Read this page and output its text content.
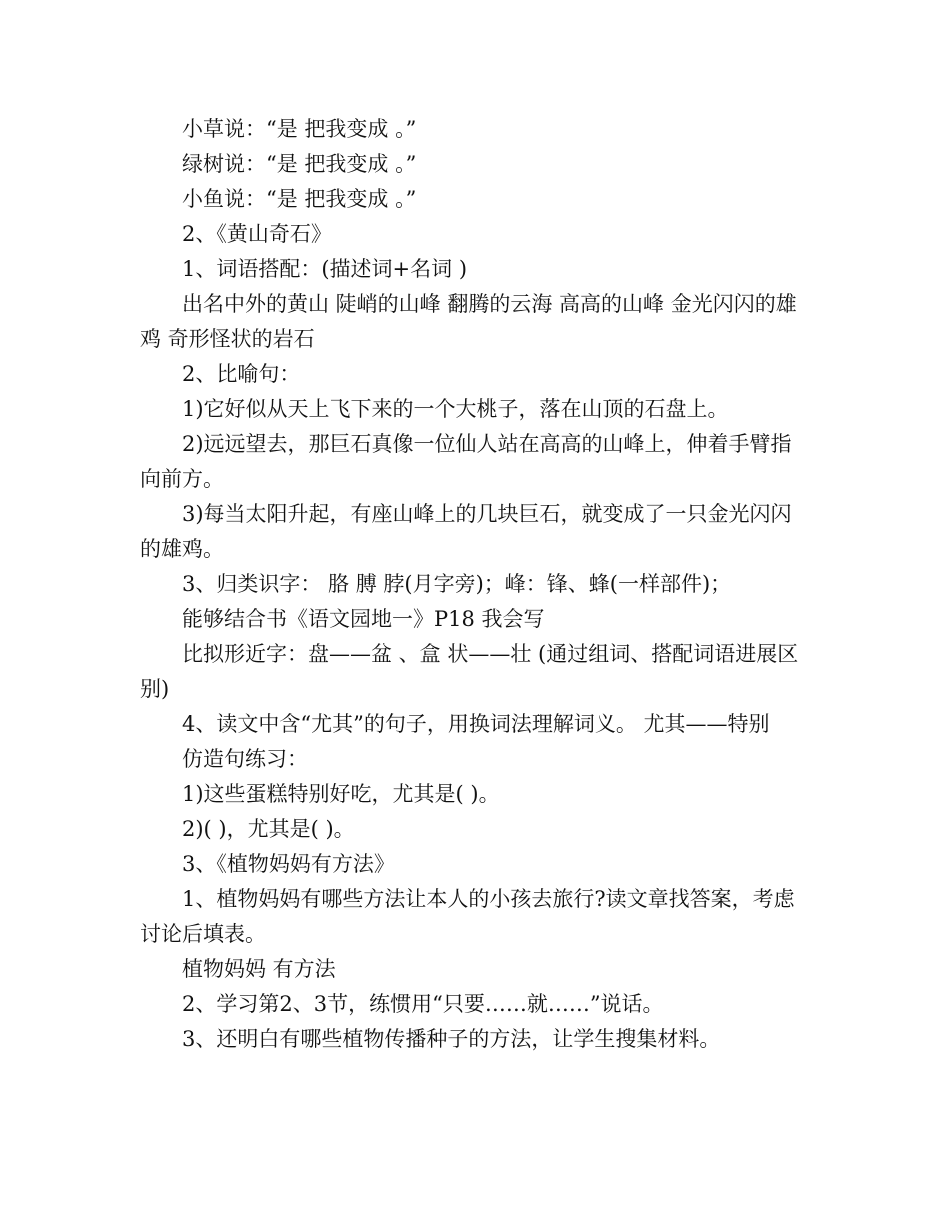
小草说：“是 把我变成 。”

绿树说：“是 把我变成 。”

小鱼说：“是 把我变成 。”

2、《黄山奇石》

1、词语搭配：(描述词+名词 )

出名中外的黄山 陡峭的山峰 翻腾的云海 高高的山峰 金光闪闪的雄鸡 奇形怪状的岩石

2、比喻句：

1)它好似从天上飞下来的一个大桃子，落在山顶的石盘上。

2)远远望去，那巨石真像一位仙人站在高高的山峰上，伸着手臂指向前方。

3)每当太阳升起，有座山峰上的几块巨石，就变成了一只金光闪闪的雄鸡。

3、归类识字： 胳 膊 脖(月字旁)；峰：锋、蜂(一样部件)；

能够结合书《语文园地一》P18 我会写

比拟形近字：盘——盆 、盒 状——壮 (通过组词、搭配词语进展区别)

4、读文中含“尤其”的句子，用换词法理解词义。 尤其——特别

仿造句练习：

1)这些蛋糕特别好吃，尤其是( )。

2)( )，尤其是( )。

3、《植物妈妈有方法》

1、植物妈妈有哪些方法让本人的小孩去旅行?读文章找答案，考虑讨论后填表。

植物妈妈 有方法

2、学习第2、3节，练惯用“只要……就……”说话。

3、还明白有哪些植物传播种子的方法，让学生搜集材料。
